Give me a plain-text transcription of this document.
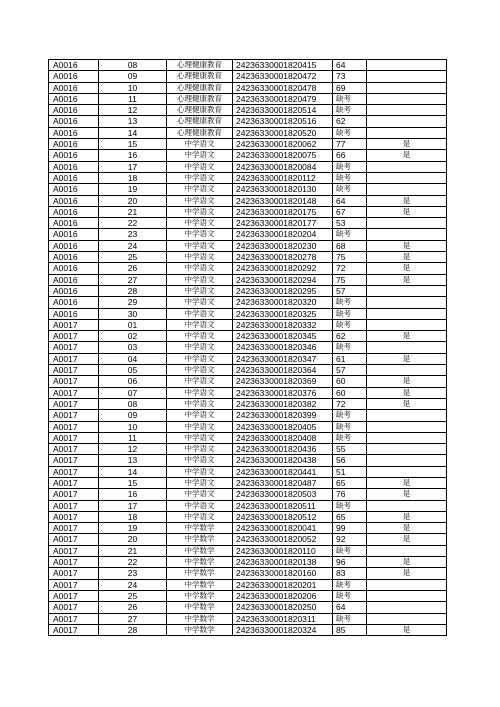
A0016	08	心理健康教育	24236330001820415	64	
A0016	09	心理健康教育	24236330001820472	73	
A0016	10	心理健康教育	24236330001820478	69	
A0016	11	心理健康教育	24236330001820479	缺考	
A0016	12	心理健康教育	24236330001820514	缺考	
A0016	13	心理健康教育	24236330001820516	62	
A0016	14	心理健康教育	24236330001820520	缺考	
A0016	15	中学语文	24236330001820062	77	是
A0016	16	中学语文	24236330001820075	66	是
A0016	17	中学语文	24236330001820084	缺考	
A0016	18	中学语文	24236330001820112	缺考	
A0016	19	中学语文	24236330001820130	缺考	
A0016	20	中学语文	24236330001820148	64	是
A0016	21	中学语文	24236330001820175	67	是
A0016	22	中学语文	24236330001820177	53	
A0016	23	中学语文	24236330001820204	缺考	
A0016	24	中学语文	24236330001820230	68	是
A0016	25	中学语文	24236330001820278	75	是
A0016	26	中学语文	24236330001820292	72	是
A0016	27	中学语文	24236330001820294	75	是
A0016	28	中学语文	24236330001820295	57	
A0016	29	中学语文	24236330001820320	缺考	
A0016	30	中学语文	24236330001820325	缺考	
A0017	01	中学语文	24236330001820332	缺考	
A0017	02	中学语文	24236330001820345	62	是
A0017	03	中学语文	24236330001820346	缺考	
A0017	04	中学语文	24236330001820347	61	是
A0017	05	中学语文	24236330001820364	57	
A0017	06	中学语文	24236330001820369	60	是
A0017	07	中学语文	24236330001820376	60	是
A0017	08	中学语文	24236330001820382	72	是
A0017	09	中学语文	24236330001820399	缺考	
A0017	10	中学语文	24236330001820405	缺考	
A0017	11	中学语文	24236330001820408	缺考	
A0017	12	中学语文	24236330001820436	55	
A0017	13	中学语文	24236330001820438	56	
A0017	14	中学语文	24236330001820441	51	
A0017	15	中学语文	24236330001820487	65	是
A0017	16	中学语文	24236330001820503	76	是
A0017	17	中学语文	24236330001820511	缺考	
A0017	18	中学语文	24236330001820512	65	是
A0017	19	中学数学	24236330001820041	99	是
A0017	20	中学数学	24236330001820052	92	是
A0017	21	中学数学	24236330001820110	缺考	
A0017	22	中学数学	24236330001820138	96	是
A0017	23	中学数学	24236330001820160	83	是
A0017	24	中学数学	24236330001820201	缺考	
A0017	25	中学数学	24236330001820206	缺考	
A0017	26	中学数学	24236330001820250	64	
A0017	27	中学数学	24236330001820311	缺考	
A0017	28	中学数学	24236330001820324	85	是
